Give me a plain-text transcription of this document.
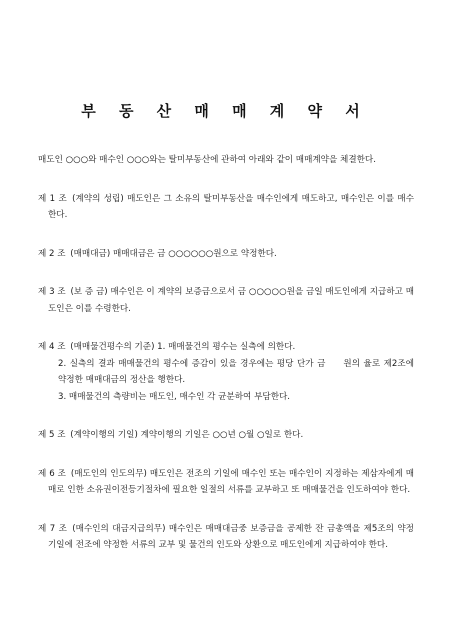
부 동 산 매 매 계 약 서

매도인 ○○○와 매수인 ○○○와는 탈미부동산에 관하여 아래와 같이 매매계약을 체결한다.

제 1 조 (계약의 성립) 매도인은 그 소유의 탈미부동산을 매수인에게 매도하고, 매수인은 이를 매수한다.

제 2 조 (매매대금) 매매대금은 금 ○○○○○○원으로 약정한다.

제 3 조 (보 증 금) 매수인은 이 계약의 보증금으로서 금 ○○○○○원을 금일 매도인에게 지급하고 매도인은 이를 수령한다.

제 4 조 (매매물건평수의 기준) 1. 매매물건의 평수는 실측에 의한다.
2. 실측의 결과 매매물건의 평수에 증감이 있을 경우에는 평당 단가 금 원의 율로 제2조에 약정한 매매대금의 정산을 행한다.
3. 매매물건의 측량비는 매도인, 매수인 각 균분하여 부담한다.

제 5 조 (계약이행의 기일) 계약이행의 기일은 ○○년 ○월 ○일로 한다.

제 6 조 (매도인의 인도의무) 매도인은 전조의 기일에 매수인 또는 매수인이 지정하는 제삼자에게 매매로 인한 소유권이전등기절차에 필요한 일절의 서류를 교부하고 또 매매물건을 인도하여야 한다.

제 7 조 (매수인의 대금지급의무) 매수인은 매매대금중 보증금을 공제한 잔 금총액을 제5조의 약정기일에 전조에 약정한 서류의 교부 및 물건의 인도와 상환으로 매도인에게 지급하여야 한다.
